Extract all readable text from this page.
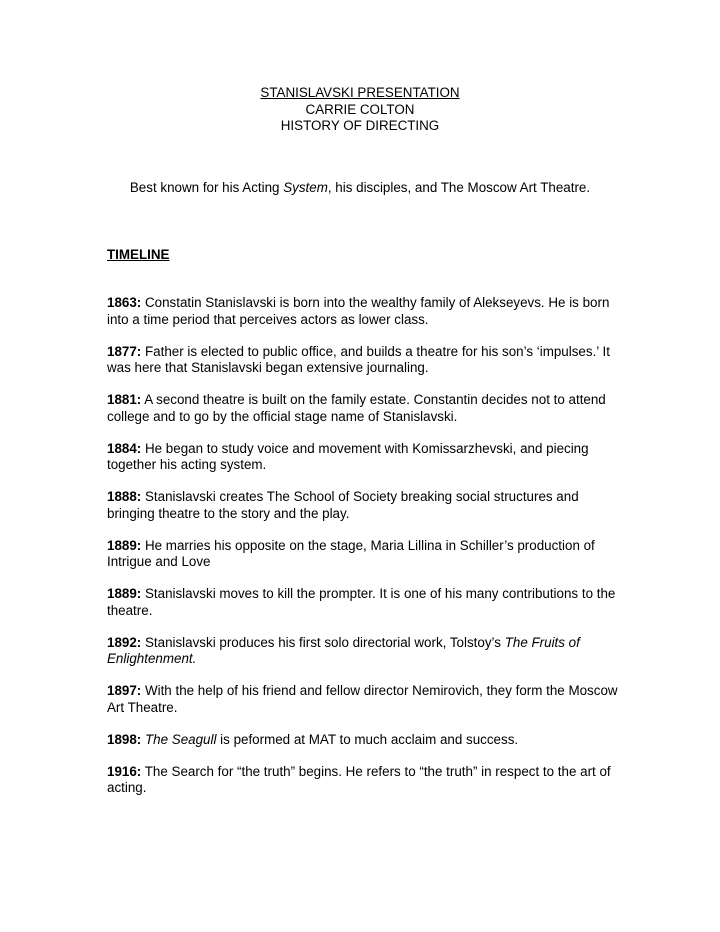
STANISLAVSKI PRESENTATION
CARRIE COLTON
HISTORY OF DIRECTING
Best known for his Acting System, his disciples, and The Moscow Art Theatre.
TIMELINE

1863: Constatin Stanislavski is born into the wealthy family of Alekseyevs. He is born into a time period that perceives actors as lower class.

1877: Father is elected to public office, and builds a theatre for his son’s ‘impulses.’ It was here that Stanislavski began extensive journaling.

1881: A second theatre is built on the family estate. Constantin decides not to attend college and to go by the official stage name of Stanislavski.

1884: He began to study voice and movement with Komissarzhevski, and piecing together his acting system.

1888: Stanislavski creates The School of Society breaking social structures and bringing theatre to the story and the play.

1889: He marries his opposite on the stage, Maria Lillina in Schiller’s production of Intrigue and Love

1889: Stanislavski moves to kill the prompter. It is one of his many contributions to the theatre.

1892: Stanislavski produces his first solo directorial work, Tolstoy’s The Fruits of Enlightenment.

1897: With the help of his friend and fellow director Nemirovich, they form the Moscow Art Theatre.

1898: The Seagull is peformed at MAT to much acclaim and success.

1916: The Search for “the truth” begins. He refers to “the truth” in respect to the art of acting.
